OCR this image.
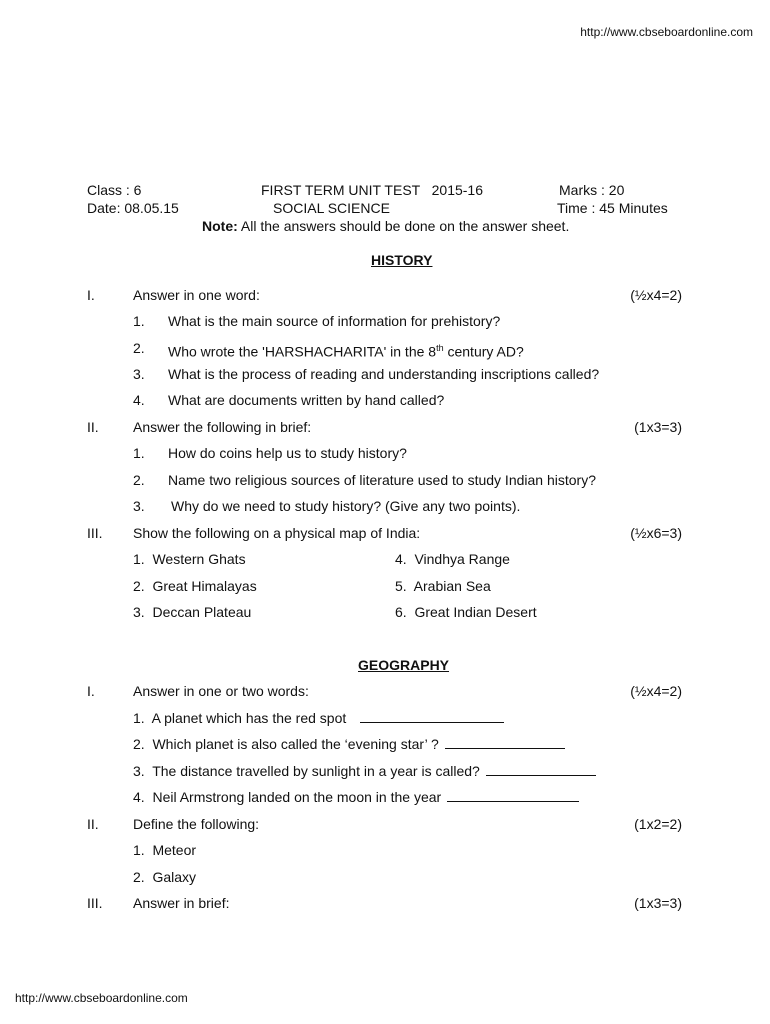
http://www.cbseboardonline.com
Class : 6	FIRST TERM UNIT TEST   2015-16	Marks : 20
Date: 08.05.15	SOCIAL SCIENCE	Time : 45 Minutes
Note: All the answers should be done on the answer sheet.
HISTORY
I.	Answer in one word:	(½x4=2)
1. What is the main source of information for prehistory?
2. Who wrote the 'HARSHACHARITA' in the 8th century AD?
3. What is the process of reading and understanding inscriptions called?
4. What are documents written by hand called?
II. Answer the following in brief:	(1x3=3)
1. How do coins help us to study history?
2. Name two religious sources of literature used to study Indian history?
3. Why do we need to study history? (Give any two points).
III. Show the following on a physical map of India:	(½x6=3)
1.  Western Ghats	4.  Vindhya Range
2.  Great Himalayas	5.  Arabian Sea
3.  Deccan Plateau	6.  Great Indian Desert
GEOGRAPHY
I.	Answer in one or two words:	(½x4=2)
1.  A planet which has the red spot
2.  Which planet is also called the ‘evening star’ ?
3.  The distance travelled by sunlight in a year is called?
4.  Neil Armstrong landed on the moon in the year
II. Define the following:	(1x2=2)
1.  Meteor
2.  Galaxy
III. Answer in brief:	(1x3=3)
http://www.cbseboardonline.com
